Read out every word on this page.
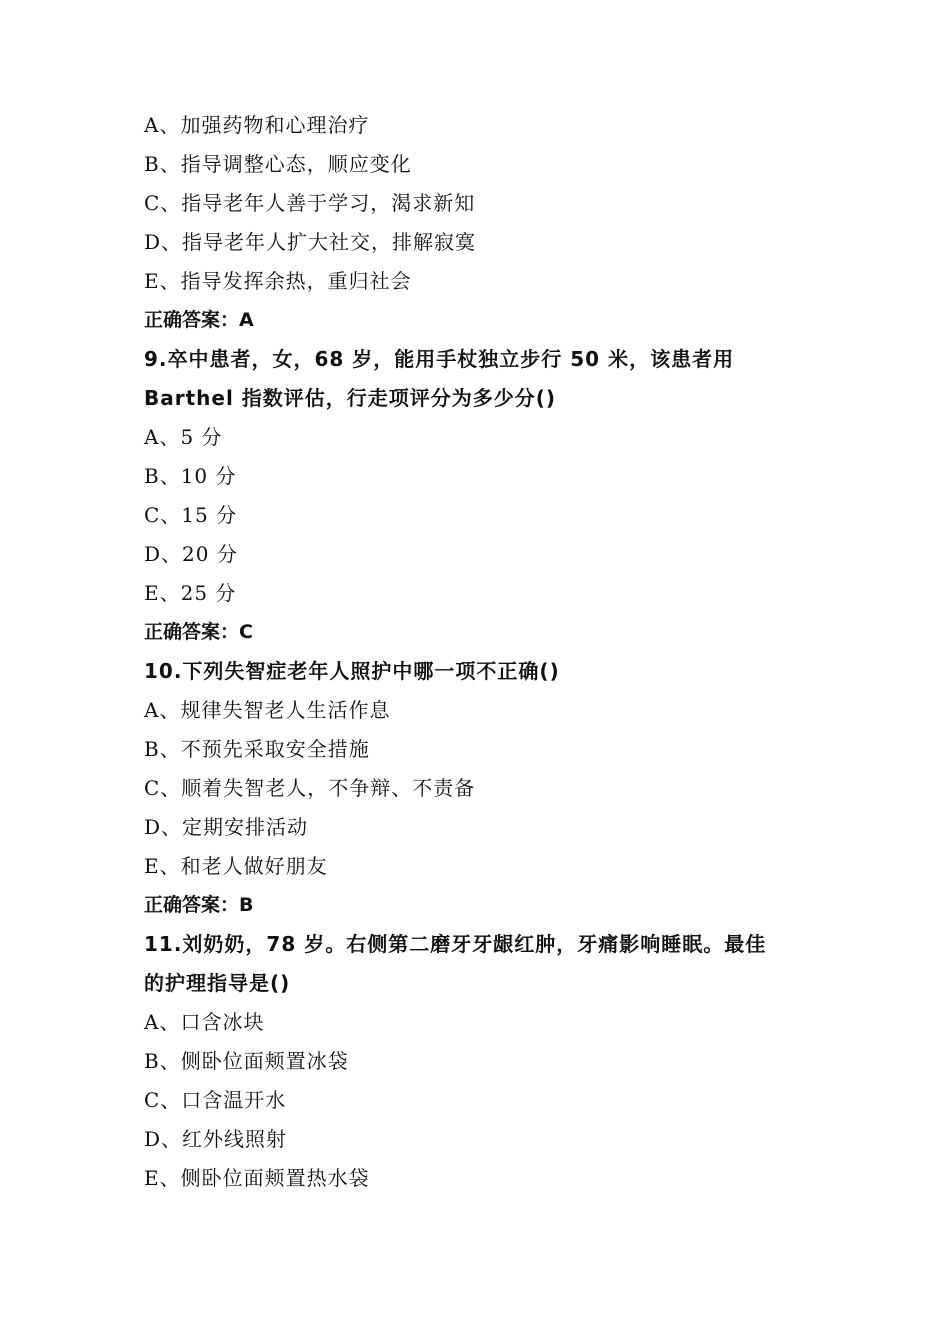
A、加强药物和心理治疗
B、指导调整心态，顺应变化
C、指导老年人善于学习，渴求新知
D、指导老年人扩大社交，排解寂寞
E、指导发挥余热，重归社会
正确答案：A
9.卒中患者，女，68 岁，能用手杖独立步行 50 米，该患者用
Barthel 指数评估，行走项评分为多少分()
A、5 分
B、10 分
C、15 分
D、20 分
E、25 分
正确答案：C
10.下列失智症老年人照护中哪一项不正确()
A、规律失智老人生活作息
B、不预先采取安全措施
C、顺着失智老人，不争辩、不责备
D、定期安排活动
E、和老人做好朋友
正确答案：B
11.刘奶奶，78 岁。右侧第二磨牙牙龈红肿，牙痛影响睡眠。最佳
的护理指导是()
A、口含冰块
B、侧卧位面颊置冰袋
C、口含温开水
D、红外线照射
E、侧卧位面颊置热水袋
